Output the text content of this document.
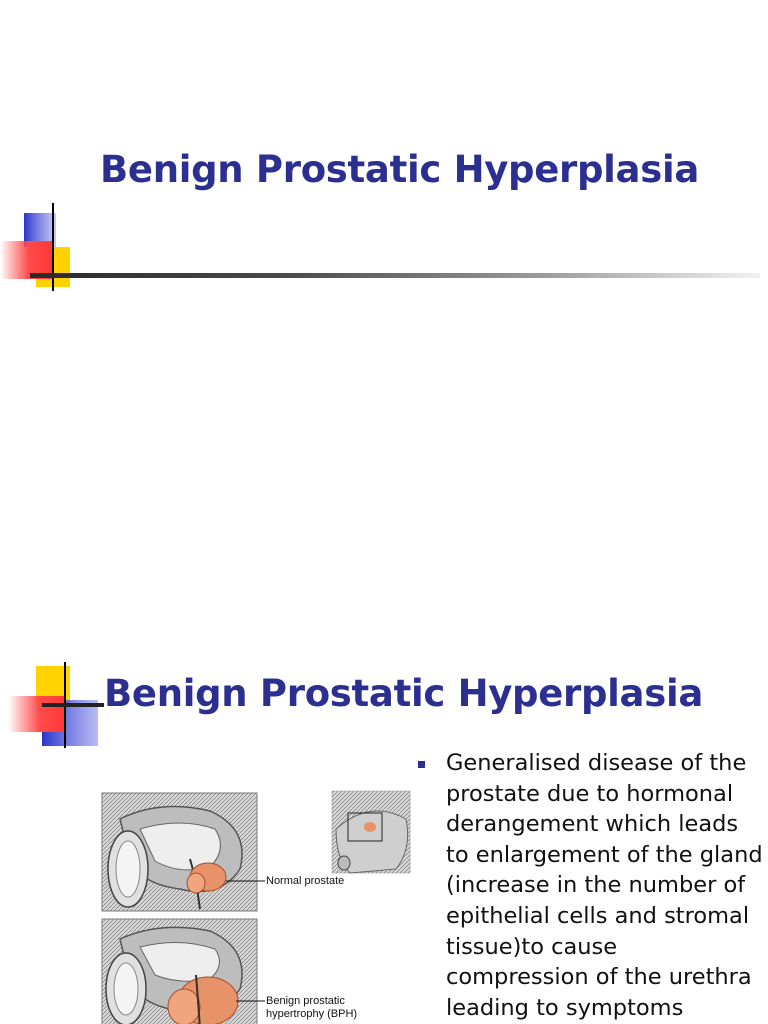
Benign Prostatic Hyperplasia
Benign Prostatic Hyperplasia
Normal prostate
Benign prostatic
hypertrophy (BPH)

Generalised disease of the prostate due to hormonal derangement which leads to enlargement of the gland (increase in the number of epithelial cells and stromal tissue)to cause compression of the urethra leading to symptoms
